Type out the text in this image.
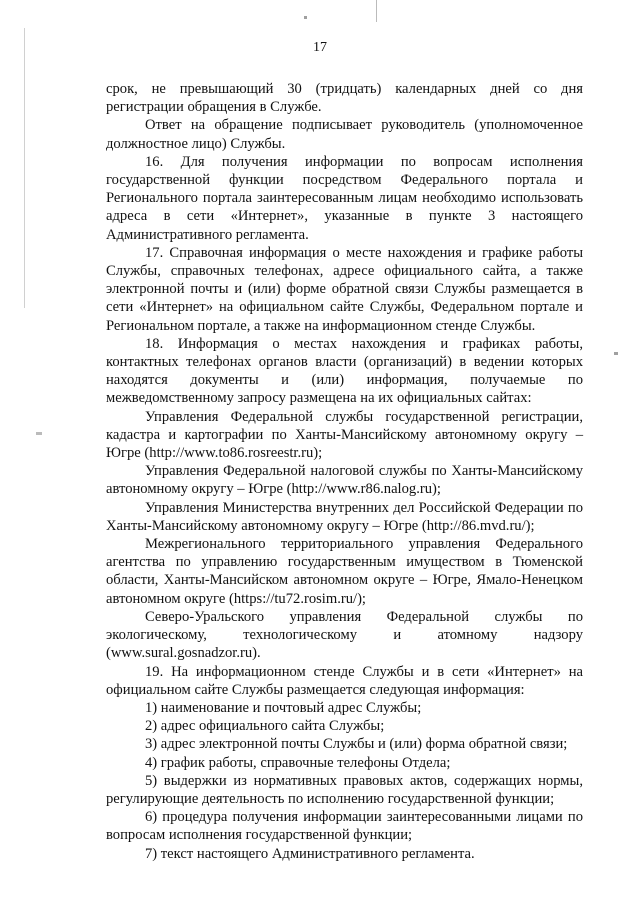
17

срок, не превышающий 30 (тридцать) календарных дней со дня регистрации обращения в Службе.

Ответ на обращение подписывает руководитель (уполномоченное должностное лицо) Службы.

16. Для получения информации по вопросам исполнения государственной функции посредством Федерального портала и Регионального портала заинтересованным лицам необходимо использовать адреса в сети «Интернет», указанные в пункте 3 настоящего Административного регламента.

17. Справочная информация о месте нахождения и графике работы Службы, справочных телефонах, адресе официального сайта, а также электронной почты и (или) форме обратной связи Службы размещается в сети «Интернет» на официальном сайте Службы, Федеральном портале и Региональном портале, а также на информационном стенде Службы.

18. Информация о местах нахождения и графиках работы, контактных телефонах органов власти (организаций) в ведении которых находятся документы и (или) информация, получаемые по межведомственному запросу размещена на их официальных сайтах:

Управления Федеральной службы государственной регистрации, кадастра и картографии по Ханты-Мансийскому автономному округу – Югре (http://www.to86.rosreestr.ru);

Управления Федеральной налоговой службы по Ханты-Мансийскому автономному округу – Югре (http://www.r86.nalog.ru);

Управления Министерства внутренних дел Российской Федерации по Ханты-Мансийскому автономному округу – Югре (http://86.mvd.ru/);

Межрегионального территориального управления Федерального агентства по управлению государственным имуществом в Тюменской области, Ханты-Мансийском автономном округе – Югре, Ямало-Ненецком автономном округе (https://tu72.rosim.ru/);

Северо-Уральского управления Федеральной службы по экологическому, технологическому и атомному надзору (www.sural.gosnadzor.ru).

19. На информационном стенде Службы и в сети «Интернет» на официальном сайте Службы размещается следующая информация:

1) наименование и почтовый адрес Службы;

2) адрес официального сайта Службы;

3) адрес электронной почты Службы и (или) форма обратной связи;

4) график работы, справочные телефоны Отдела;

5) выдержки из нормативных правовых актов, содержащих нормы, регулирующие деятельность по исполнению государственной функции;

6) процедура получения информации заинтересованными лицами по вопросам исполнения государственной функции;

7) текст настоящего Административного регламента.
